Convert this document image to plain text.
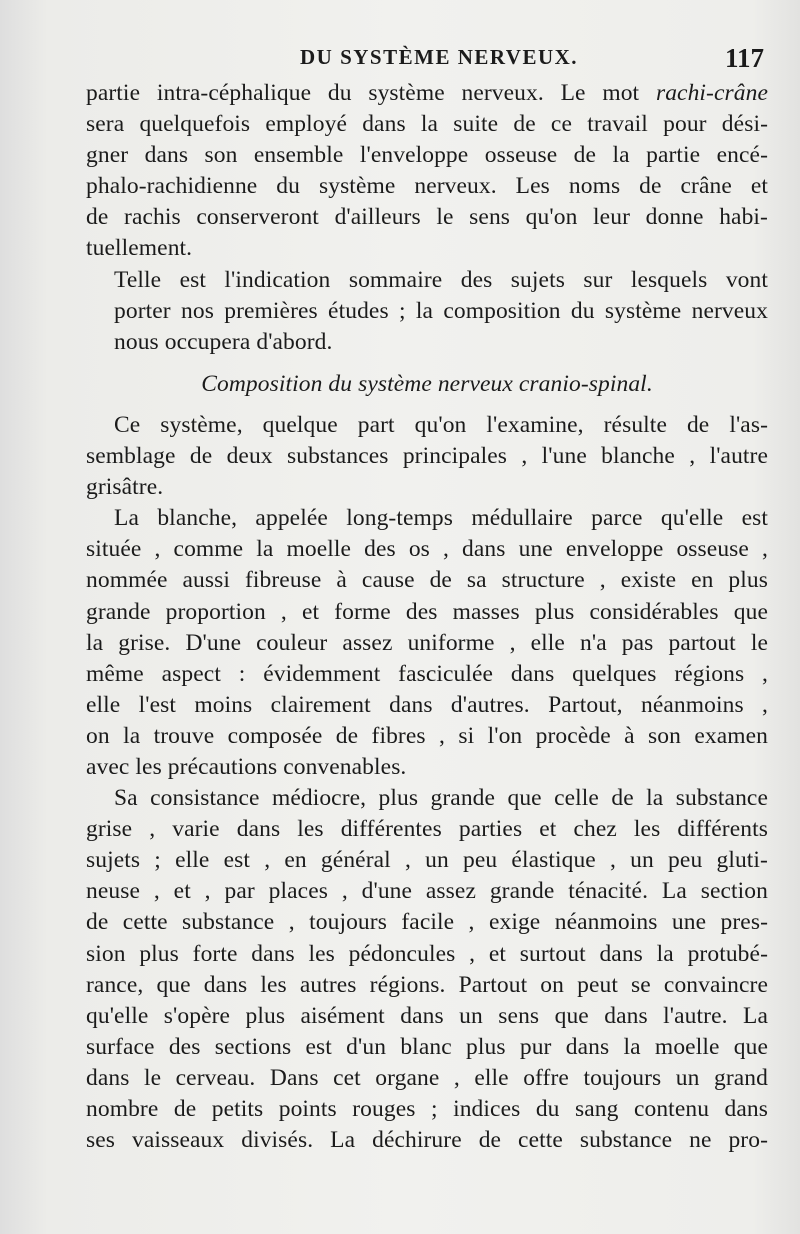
DU SYSTÈME NERVEUX.	117

partie intra-céphalique du système nerveux. Le mot rachi-crâne
sera quelquefois employé dans la suite de ce travail pour dési-
gner dans son ensemble l'enveloppe osseuse de la partie encé-
phalo-rachidienne du système nerveux. Les noms de crâne et
de rachis conserveront d'ailleurs le sens qu'on leur donne habi-
tuellement.

Telle est l'indication sommaire des sujets sur lesquels vont
porter nos premières études ; la composition du système nerveux
nous occupera d'abord.

Composition du système nerveux cranio-spinal.

Ce système, quelque part qu'on l'examine, résulte de l'as-
semblage de deux substances principales , l'une blanche , l'autre
grisâtre.

La blanche, appelée long-temps médullaire parce qu'elle est
située , comme la moelle des os , dans une enveloppe osseuse ,
nommée aussi fibreuse à cause de sa structure , existe en plus
grande proportion , et forme des masses plus considérables que
la grise. D'une couleur assez uniforme , elle n'a pas partout le
même aspect : évidemment fasciculée dans quelques régions ,
elle l'est moins clairement dans d'autres. Partout, néanmoins ,
on la trouve composée de fibres , si l'on procède à son examen
avec les précautions convenables.

Sa consistance médiocre, plus grande que celle de la substance
grise , varie dans les différentes parties et chez les différents
sujets ; elle est , en général , un peu élastique , un peu gluti-
neuse , et , par places , d'une assez grande ténacité. La section
de cette substance , toujours facile , exige néanmoins une pres-
sion plus forte dans les pédoncules , et surtout dans la protubé-
rance, que dans les autres régions. Partout on peut se convaincre
qu'elle s'opère plus aisément dans un sens que dans l'autre. La
surface des sections est d'un blanc plus pur dans la moelle que
dans le cerveau. Dans cet organe , elle offre toujours un grand
nombre de petits points rouges ; indices du sang contenu dans
ses vaisseaux divisés. La déchirure de cette substance ne pro-
